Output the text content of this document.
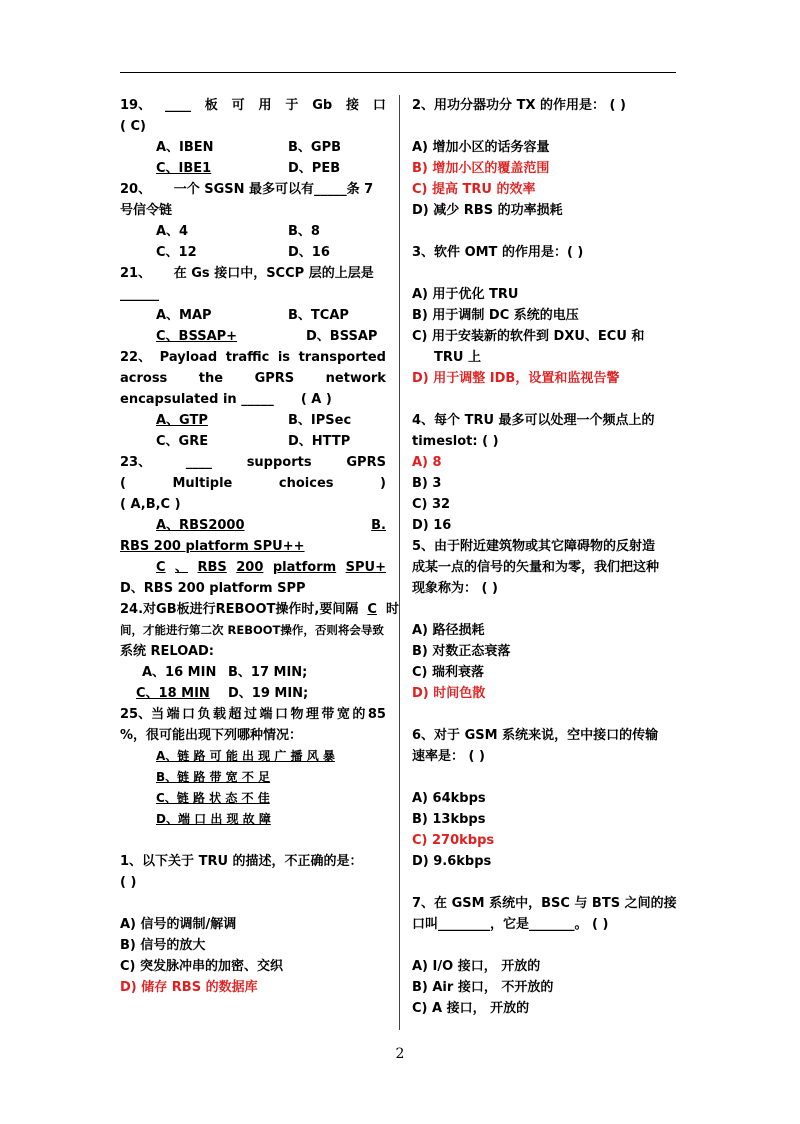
19、 ____ 板 可 用 于 Gb 接 口
( C)
A、IBEN	B、GPB
C、IBE1	D、PEB
20、 一个 SGSN 最多可以有_____条 7
号信令链
A、4	B、8
C、12	D、16
21、 在 Gs 接口中，SCCP 层的上层是
______
A、MAP	B、TCAP
C、BSSAP+	D、BSSAP
22、 Payload traffic is transported
across the GPRS network
encapsulated in _____ ( A )
A、GTP	B、IPSec
C、GRE	D、HTTP
23、	____	supports	GPRS
(	Multiple	choices	)
( A,B,C )
A、RBS2000	B.
RBS 200 platform SPU++
C 、 RBS 200 platform SPU+
D、RBS 200 platform SPP
24.对GB板进行REBOOT操作时,要间隔 C 时
间，才能进行第二次 REBOOT操作，否则将会导致
系统 RELOAD:
A、16 MIN B、17 MIN;
C、18 MIN	D、19 MIN;
25、当 端 口 负 载 超 过 端 口 物 理 带 宽 的 85
%，很可能出现下列哪种情况：
A、链 路 可 能 出 现 广 播 风 暴
B、链 路 带 宽 不 足
C、链 路 状 态 不 佳
D、端 口 出 现 故 障
1、以下关于 TRU 的描述，不正确的是：
( )
A) 信号的调制/解调
B) 信号的放大
C) 突发脉冲串的加密、交织
D) 储存 RBS 的数据库
2、用功分器功分 TX 的作用是： ( )
A) 增加小区的话务容量
B) 增加小区的覆盖范围
C) 提高 TRU 的效率
D) 减少 RBS 的功率损耗
3、软件 OMT 的作用是：( )
A) 用于优化 TRU
B) 用于调制 DC 系统的电压
C) 用于安装新的软件到 DXU、ECU 和
TRU 上
D) 用于调整 IDB，设置和监视告警
4、每个 TRU 最多可以处理一个频点上的
timeslot: ( )
A) 8
B) 3
C) 32
D) 16
5、由于附近建筑物或其它障碍物的反射造
成某一点的信号的矢量和为零，我们把这种
现象称为： ( )
A) 路径损耗
B) 对数正态衰落
C) 瑞利衰落
D) 时间色散
6、对于 GSM 系统来说，空中接口的传输
速率是： ( )
A) 64kbps
B) 13kbps
C) 270kbps
D) 9.6kbps
7、在 GSM 系统中，BSC 与 BTS 之间的接
口叫________，它是_______。 ( )
A) I/O 接口， 开放的
B) Air 接口， 不开放的
C) A 接口， 开放的
2
